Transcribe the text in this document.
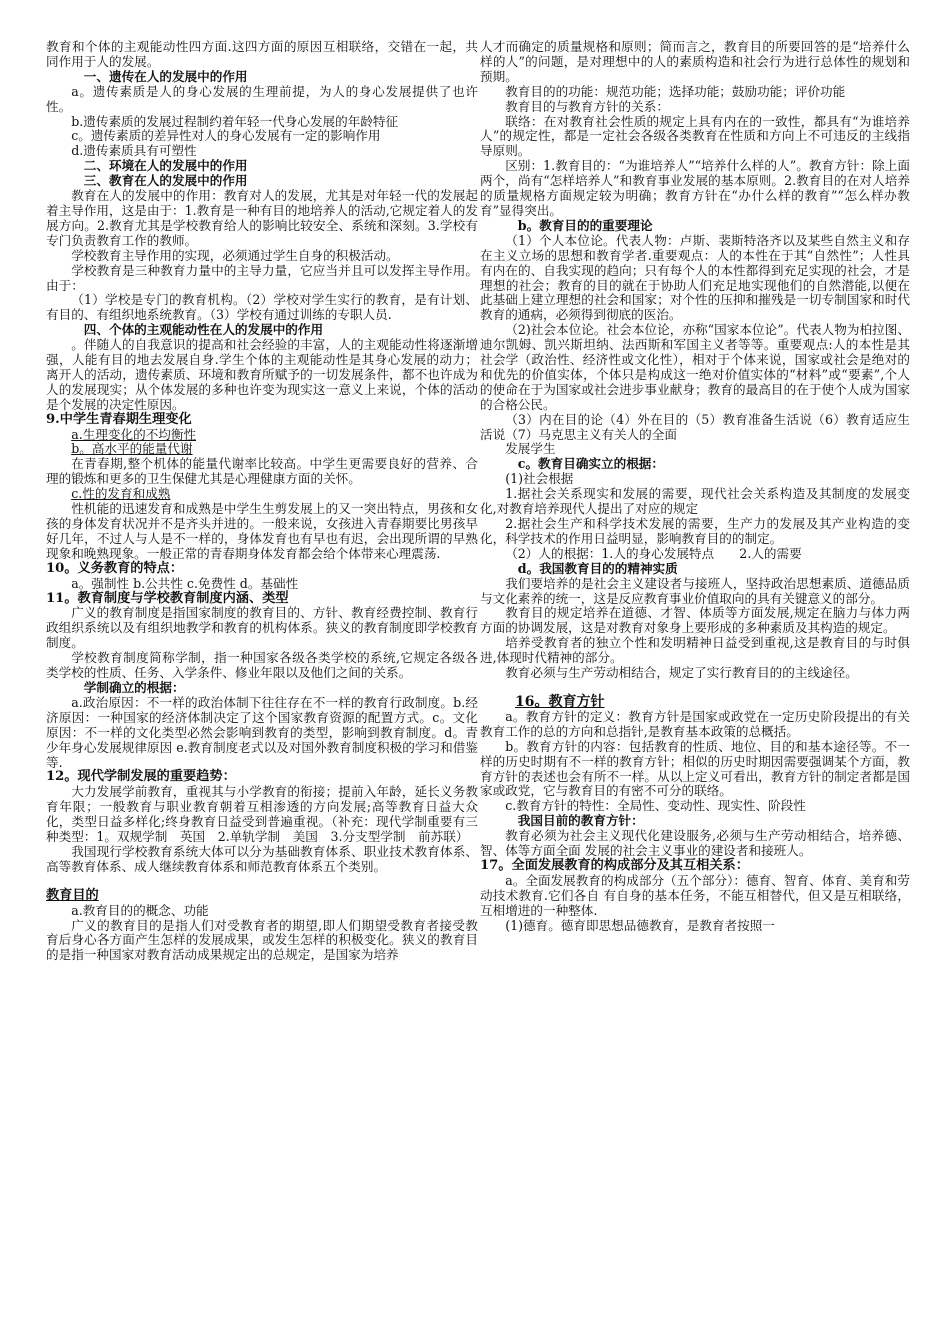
教育和个体的主观能动性四方面.这四方面的原因互相联络，交错在一起，共同作用于人的发展。

一、遗传在人的发展中的作用

a。遗传素质是人的身心发展的生理前提，为人的身心发展提供了也许性。

b.遗传素质的发展过程制约着年轻一代身心发展的年龄特征

c。遗传素质的差异性对人的身心发展有一定的影响作用

d.遗传素质具有可塑性

二、环境在人的发展中的作用

三、教育在人的发展中的作用

教育在人的发展中的作用：教育对人的发展，尤其是对年轻一代的发展起着主导作用，这是由于：1.教育是一种有目的地培养人的活动,它规定着人的发展方向。2.教育尤其是学校教育给人的影响比较安全、系统和深刻。3.学校有专门负责教育工作的教师。

学校教育主导作用的实现，必须通过学生自身的积极活动。

学校教育是三种教育力量中的主导力量，它应当并且可以发挥主导作用。由于：

（1）学校是专门的教育机构。（2）学校对学生实行的教育，是有计划、有目的、有组织地系统教育。（3）学校有通过训练的专职人员.

四、个体的主观能动性在人的发展中的作用

。伴随人的自我意识的提高和社会经验的丰富，人的主观能动性将逐渐增强，人能有目的地去发展自身.学生个体的主观能动性是其身心发展的动力；离开人的活动，遗传素质、环境和教育所赋予的一切发展条件，都不也许成为人的发展现实；从个体发展的多种也许变为现实这一意义上来说，个体的活动是个发展的决定性原因。

9.中学生青春期生理变化

a.生理变化的不均衡性

b。高水平的能量代谢

在青春期,整个机体的能量代谢率比较高。中学生更需要良好的营养、合理的锻炼和更多的卫生保健尤其是心理健康方面的关怀。

c.性的发育和成熟

性机能的迅速发育和成熟是中学生生剪发展上的又一突出特点，男孩和女孩的身体发育状况并不是齐头并进的。一般来说，女孩进入青春期要比男孩早好几年，不过人与人是不一样的，身体发育也有早也有迟，会出现所谓的早熟现象和晚熟现象。一般正常的青春期身体发育都会给个体带来心理震荡.

10。义务教育的特点：

a。强制性 b.公共性 c.免费性 d。基础性

11。教育制度与学校教育制度内涵、类型

广义的教育制度是指国家制度的教育目的、方针、教育经费控制、教育行政组织系统以及有组织地教学和教育的机构体系。狭义的教育制度即学校教育制度。

学校教育制度简称学制，指一种国家各级各类学校的系统,它规定各级各类学校的性质、任务、入学条件、修业年限以及他们之间的关系。

学制确立的根据：

a.政治原因：不一样的政治体制下往往存在不一样的教育行政制度。b.经济原因：一种国家的经济体制决定了这个国家教育资源的配置方式。c。文化原因：不一样的文化类型必然会影响到教育的类型，影响到教育制度。d。青少年身心发展规律原因 e.教育制度老式以及对国外教育制度积极的学习和借鉴等.

12。现代学制发展的重要趋势：

大力发展学前教育，重视其与小学教育的衔接；提前入年龄，延长义务教育年限；一般教育与职业教育朝着互相渗透的方向发展;高等教育日益大众化，类型日益多样化;终身教育日益受到普遍重视。（补充：现代学制重要有三种类型：1。双规学制　英国　2.单轨学制　美国　3.分支型学制　前苏联）

我国现行学校教育系统大体可以分为基础教育体系、职业技术教育体系、高等教育体系、成人继续教育体系和师范教育体系五个类别。

教育目的

a.教育目的的概念、功能

广义的教育目的是指人们对受教育者的期望,即人们期望受教育者接受教育后身心各方面产生怎样的发展成果，或发生怎样的积极变化。狭义的教育目的是指一种国家对教育活动成果规定出的总规定，是国家为培养

人才而确定的质量规格和原则；简而言之，教育目的所要回答的是“培养什么样的人”的问题，是对理想中的人的素质构造和社会行为进行总体性的规划和预期。

教育目的的功能：规范功能；选择功能；鼓励功能；评价功能

教育目的与教育方针的关系：

联络：在对教育社会性质的规定上具有内在的一致性，都具有“为谁培养人”的规定性，都是一定社会各级各类教育在性质和方向上不可违反的主线指导原则。

区别：1.教育目的：“为谁培养人”“培养什么样的人”。教育方针：除上面两个，尚有“怎样培养人”和教育事业发展的基本原则。2.教育目的在对人培养的质量规格方面规定较为明确；教育方针在“办什么样的教育”“怎么样办教育”显得突出。

b。教育目的的重要理论

（1）个人本位论。代表人物：卢斯、裴斯特洛齐以及某些自然主义和存在主义立场的思想和教育学者.重要观点：人的本性在于其“自然性”；人性具有内在的、自我实现的趋向；只有每个人的本性都得到充足实现的社会，才是理想的社会；教育的目的就在于协助人们充足地实现他们的自然潜能,以便在此基础上建立理想的社会和国家；对个性的压抑和摧残是一切专制国家和时代教育的通病，必须得到彻底的医治。

（2)社会本位论。社会本位论，亦称“国家本位论”。代表人物为柏拉图、迪尔凯姆、凯兴斯坦纳、法西斯和军国主义者等等。重要观点:人的本性是其社会学（政治性、经济性或文化性），相对于个体来说，国家或社会是绝对的和优先的价值实体，个体只是构成这一绝对价值实体的“材料”或“要素”,个人的使命在于为国家或社会进步事业献身；教育的最高目的在于使个人成为国家的合格公民。

（3）内在目的论（4）外在目的（5）教育准备生活说（6）教育适应生活说（7）马克思主义有关人的全面

发展学生

c。教育目确实立的根据：

(1)社会根据

1.据社会关系现实和发展的需要，现代社会关系构造及其制度的发展变化,对教育培养现代人提出了对应的规定

2.据社会生产和科学技术发展的需要，生产力的发展及其产业构造的变化，科学技术的作用日益明显，影响教育目的的制定。

（2）人的根据：1.人的身心发展特点　　2.人的需要

d。我国教育目的的精神实质

我们要培养的是社会主义建设者与接班人，坚持政治思想素质、道德品质与文化素养的统一，这是反应教育事业价值取向的具有关键意义的部分。

教育目的规定培养在道德、才智、体质等方面发展,规定在脑力与体力两方面的协调发展，这是对教育对象身上要形成的多种素质及其构造的规定。

培养受教育者的独立个性和发明精神日益受到重视,这是教育目的与时俱进,体现时代精神的部分。

教育必须与生产劳动相结合，规定了实行教育目的的主线途径。

16。教育方针

a。教育方针的定义：教育方针是国家或政党在一定历史阶段提出的有关教育工作的总的方向和总指针,是教育基本政策的总概括。

b。教育方针的内容：包括教育的性质、地位、目的和基本途径等。不一样的历史时期有不一样的教育方针；相似的历史时期因需要强调某个方面，教育方针的表述也会有所不一样。从以上定义可看出，教育方针的制定者都是国家或政党，它与教育目的有密不可分的联络。

c.教育方针的特性：全局性、变动性、现实性、阶段性

我国目前的教育方针：

教育必须为社会主义现代化建设服务,必须与生产劳动相结合，培养德、智、体等方面全面 发展的社会主义事业的建设者和接班人。

17。全面发展教育的构成部分及其互相关系：

a。全面发展教育的构成部分（五个部分）：德育、智育、体育、美育和劳动技术教育.它们各自 有自身的基本任务，不能互相替代，但又是互相联络，互相增进的一种整体.

(1)德育。德育即思想品德教育，是教育者按照一
